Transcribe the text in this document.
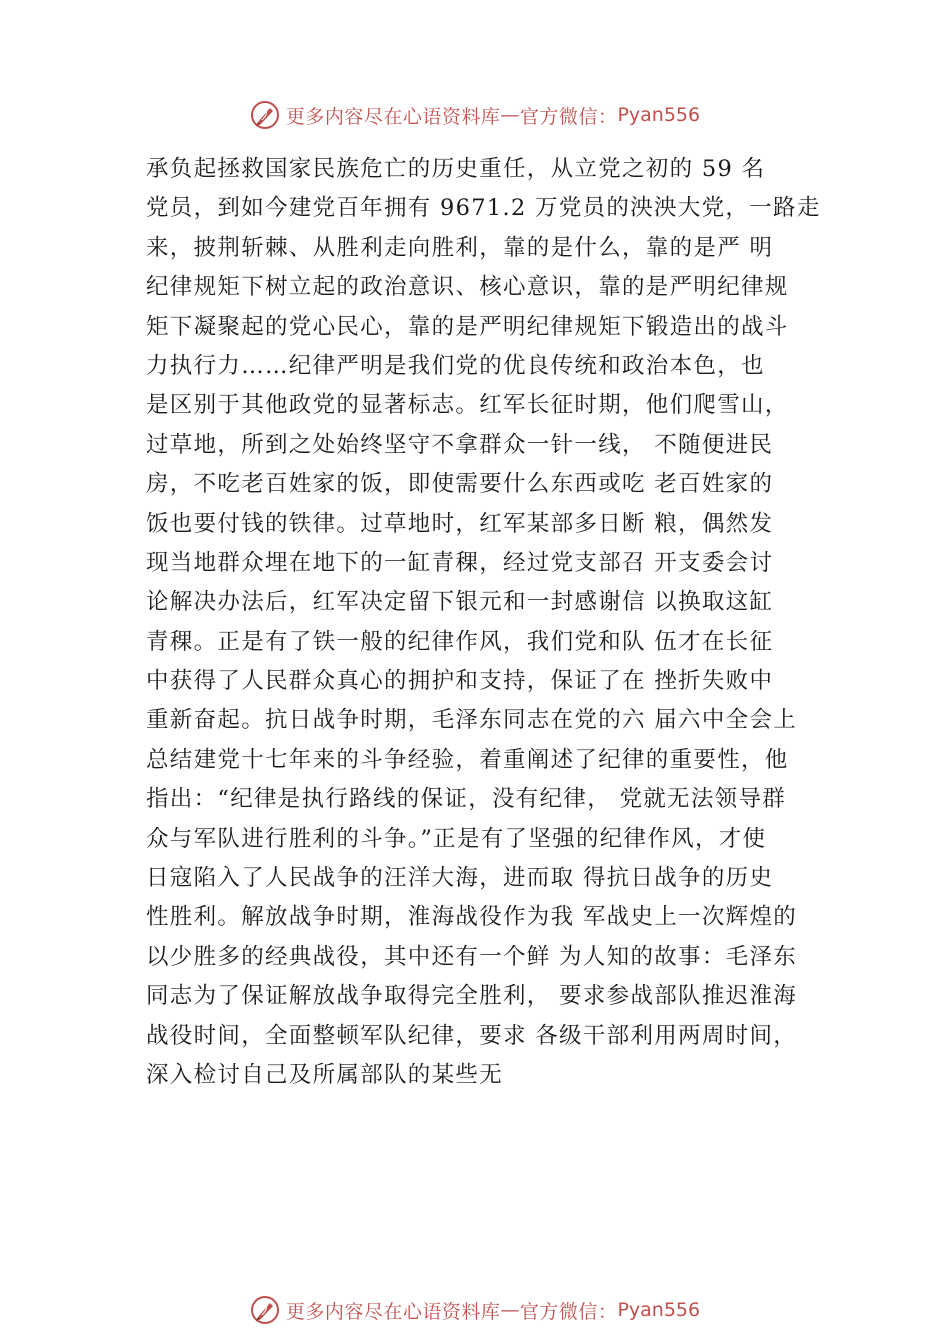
更多内容尽在心语资料库 — 官方微信： Pyan556
承负起拯救国家民族危亡的历史重任，从立党之初的 59 名
党员，到如今建党百年拥有 9671.2 万党员的泱泱大党，一路走
来，披荆斩棘、从胜利走向胜利，靠的是什么，靠的是严 明
纪律规矩下树立起的政治意识、核心意识，靠的是严明纪律规
矩下凝聚起的党心民心，靠的是严明纪律规矩下锻造出的战斗
力执行力……纪律严明是我们党的优良传统和政治本色，也
是区别于其他政党的显著标志。红军长征时期，他们爬雪山，
过草地，所到之处始终坚守不拿群众一针一线， 不随便进民
房，不吃老百姓家的饭，即使需要什么东西或吃 老百姓家的
饭也要付钱的铁律。过草地时，红军某部多日断 粮，偶然发
现当地群众埋在地下的一缸青稞，经过党支部召 开支委会讨
论解决办法后，红军决定留下银元和一封感谢信 以换取这缸
青稞。正是有了铁一般的纪律作风，我们党和队 伍才在长征
中获得了人民群众真心的拥护和支持，保证了在 挫折失败中
重新奋起。抗日战争时期，毛泽东同志在党的六 届六中全会上
总结建党十七年来的斗争经验，着重阐述了纪律的重要性，他
指出：“纪律是执行路线的保证，没有纪律， 党就无法领导群
众与军队进行胜利的斗争。”正是有了坚强的纪律作风，才使
日寇陷入了人民战争的汪洋大海，进而取 得抗日战争的历史
性胜利。解放战争时期，淮海战役作为我 军战史上一次辉煌的
以少胜多的经典战役，其中还有一个鲜 为人知的故事：毛泽东
同志为了保证解放战争取得完全胜利， 要求参战部队推迟淮海
战役时间，全面整顿军队纪律，要求 各级干部利用两周时间，
深入检讨自己及所属部队的某些无
更多内容尽在心语资料库 — 官方微信： Pyan556
